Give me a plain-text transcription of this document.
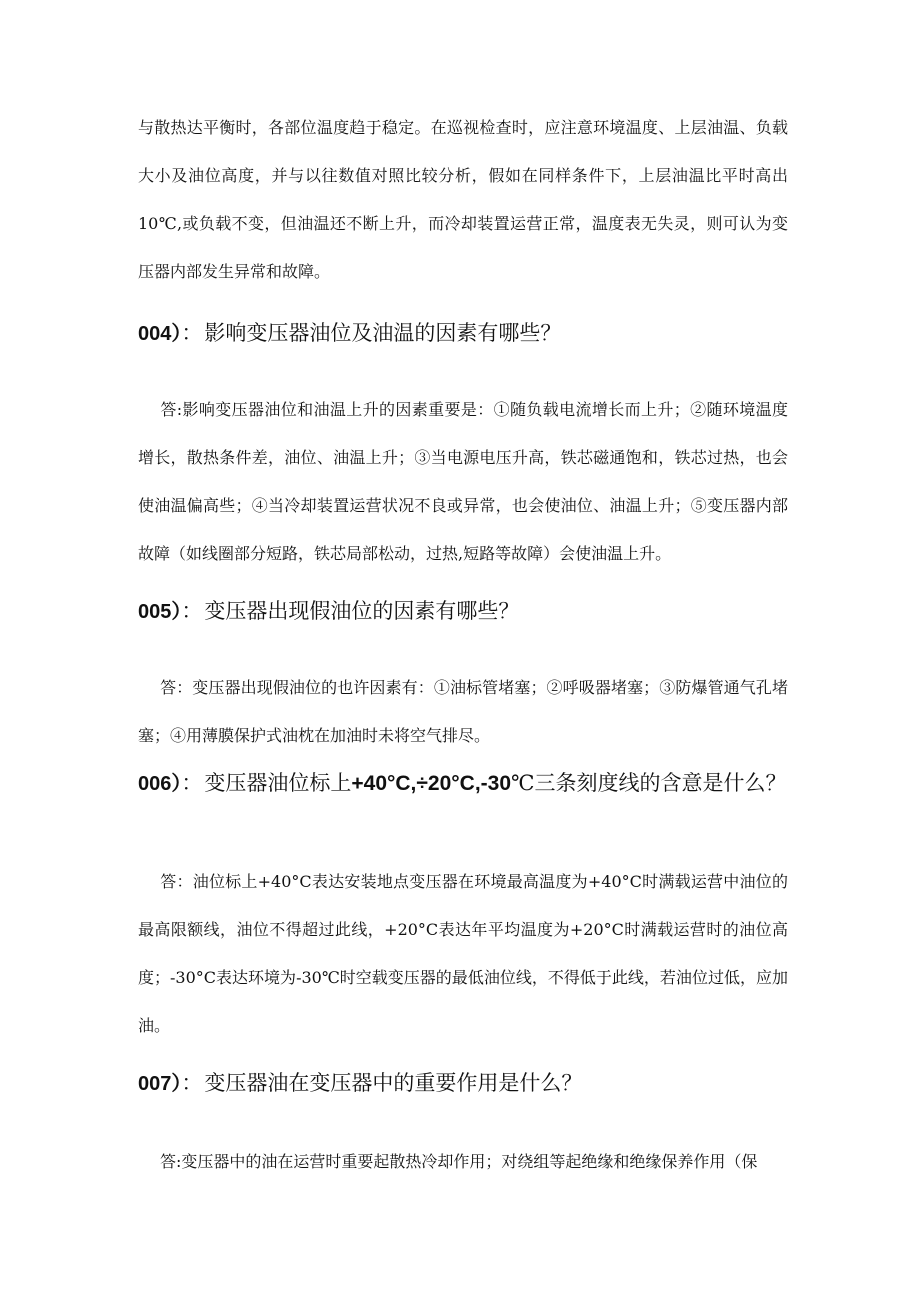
与散热达平衡时，各部位温度趋于稳定。在巡视检查时，应注意环境温度、上层油温、负载大小及油位高度，并与以往数值对照比较分析，假如在同样条件下，上层油温比平时高出10℃,或负载不变，但油温还不断上升，而冷却装置运营正常，温度表无失灵，则可认为变压器内部发生异常和故障。

004）：影响变压器油位及油温的因素有哪些？

答:影响变压器油位和油温上升的因素重要是：①随负载电流增长而上升；②随环境温度增长，散热条件差，油位、油温上升；③当电源电压升高，铁芯磁通饱和，铁芯过热，也会使油温偏高些；④当冷却装置运营状况不良或异常，也会使油位、油温上升；⑤变压器内部故障（如线圈部分短路，铁芯局部松动，过热,短路等故障）会使油温上升。

005）：变压器出现假油位的因素有哪些？

答：变压器出现假油位的也许因素有：①油标管堵塞；②呼吸器堵塞；③防爆管通气孔堵塞；④用薄膜保护式油枕在加油时未将空气排尽。

006）：变压器油位标上+40°C,÷20°C,-30℃三条刻度线的含意是什么？

答：油位标上+40°C表达安装地点变压器在环境最高温度为+40°C时满载运营中油位的最高限额线，油位不得超过此线，+20°C表达年平均温度为+20°C时满载运营时的油位高度；-30°C表达环境为-30℃时空载变压器的最低油位线，不得低于此线，若油位过低，应加油。

007）：变压器油在变压器中的重要作用是什么？

答:变压器中的油在运营时重要起散热冷却作用；对绕组等起绝缘和绝缘保养作用（保
